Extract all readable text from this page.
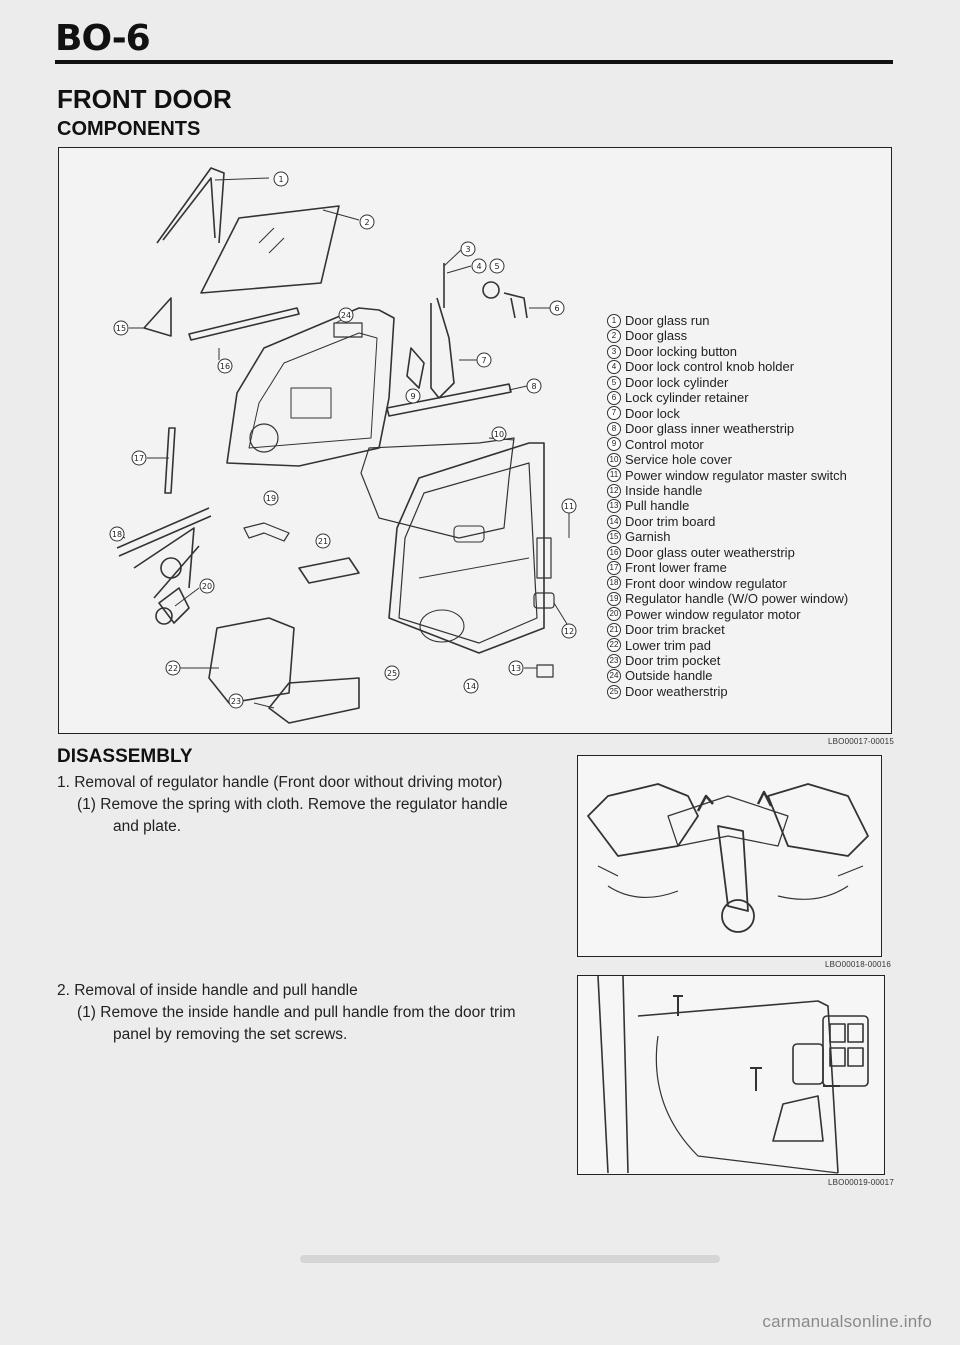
BO-6
FRONT DOOR
COMPONENTS
1
2
3
4 5
6
7
9
8
10
11
12
13
14
15
16
17
19
18
20
21
22
23
24
25
1 Door glass run
2 Door glass
3 Door locking button
4 Door lock control knob holder
5 Door lock cylinder
6 Lock cylinder retainer
7 Door lock
8 Door glass inner weatherstrip
9 Control motor
10 Service hole cover
11 Power window regulator master switch
12 Inside handle
13 Pull handle
14 Door trim board
15 Garnish
16 Door glass outer weatherstrip
17 Front lower frame
18 Front door window regulator
19 Regulator handle (W/O power window)
20 Power window regulator motor
21 Door trim bracket
22 Lower trim pad
23 Door trim pocket
24 Outside handle
25 Door weatherstrip
LBO00017-00015
DISASSEMBLY

1. Removal of regulator handle (Front door without driving motor)

(1) Remove the spring with cloth. Remove the regulator handle and plate.

LBO00018-00016

2. Removal of inside handle and pull handle

(1) Remove the inside handle and pull handle from the door trim panel by removing the set screws.

LBO00019-00017
carmanualsonline.info
